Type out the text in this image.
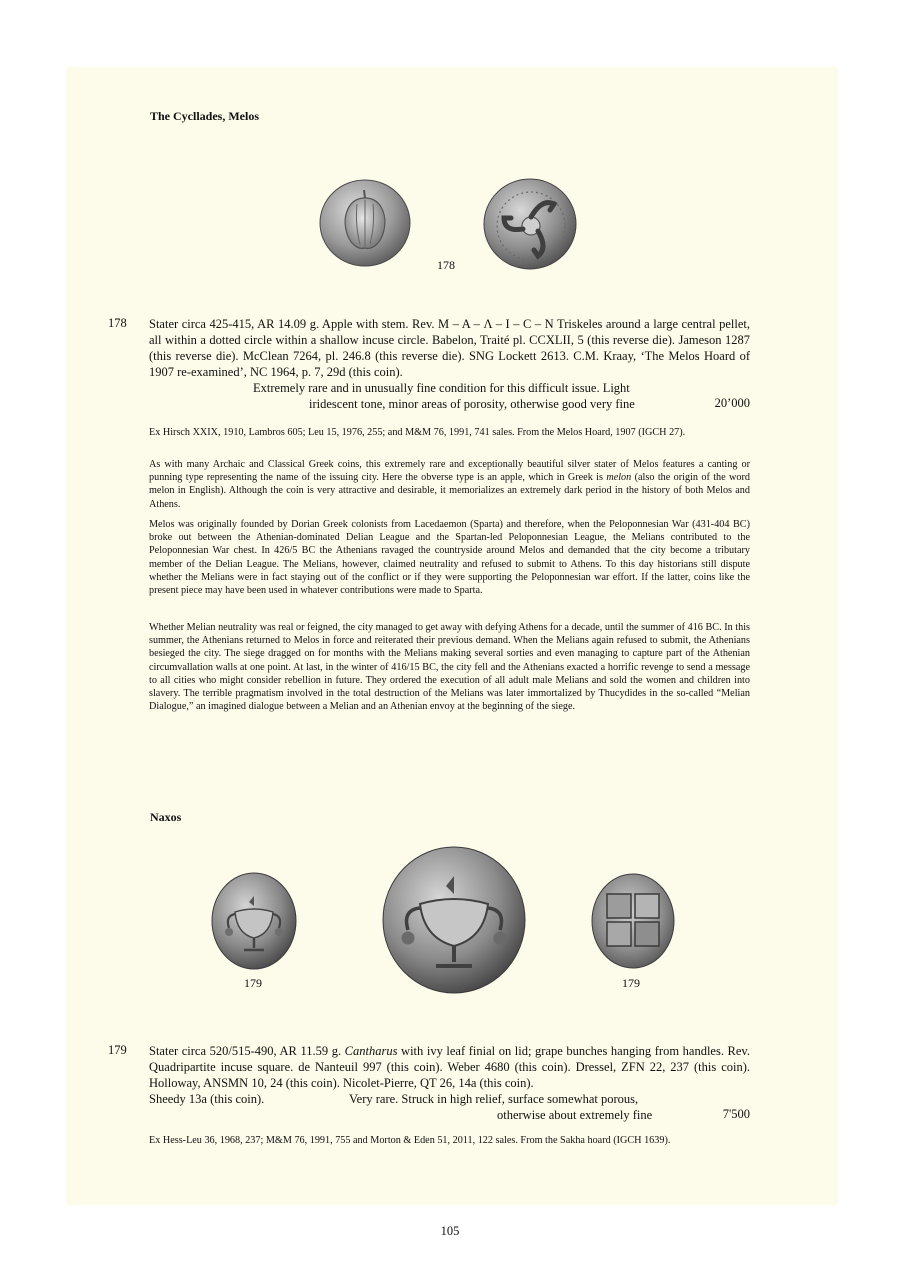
The Cycllades, Melos
178
178 Stater circa 425-415, AR 14.09 g. Apple with stem. Rev. M – A – Λ – I – C – N Triskeles around a large central pellet, all within a dotted circle within a shallow incuse circle. Babelon, Traité pl. CCXLII, 5 (this reverse die). Jameson 1287 (this reverse die). McClean 7264, pl. 246.8 (this reverse die). SNG Lockett 2613. C.M. Kraay, ‘The Melos Hoard of 1907 re-examined’, NC 1964, p. 7, 29d (this coin).
Extremely rare and in unusually fine condition for this difficult issue. Light
iridescent tone, minor areas of porosity, otherwise good very fine	20’000
Ex Hirsch XXIX, 1910, Lambros 605; Leu 15, 1976, 255; and M&M 76, 1991, 741 sales. From the Melos Hoard, 1907 (IGCH 27).
As with many Archaic and Classical Greek coins, this extremely rare and exceptionally beautiful silver stater of Melos features a canting or punning type representing the name of the issuing city. Here the obverse type is an apple, which in Greek is melon (also the origin of the word melon in English). Although the coin is very attractive and desirable, it memorializes an extremely dark period in the history of both Melos and Athens.
Melos was originally founded by Dorian Greek colonists from Lacedaemon (Sparta) and therefore, when the Peloponnesian War (431-404 BC) broke out between the Athenian-dominated Delian League and the Spartan-led Peloponnesian League, the Melians contributed to the Peloponnesian War chest. In 426/5 BC the Athenians ravaged the countryside around Melos and demanded that the city become a tributary member of the Delian League. The Melians, however, claimed neutrality and refused to submit to Athens. To this day historians still dispute whether the Melians were in fact staying out of the conflict or if they were supporting the Peloponnesian war effort. If the latter, coins like the present piece may have been used in whatever contributions were made to Sparta.
Whether Melian neutrality was real or feigned, the city managed to get away with defying Athens for a decade, until the summer of 416 BC. In this summer, the Athenians returned to Melos in force and reiterated their previous demand. When the Melians again refused to submit, the Athenians besieged the city. The siege dragged on for months with the Melians making several sorties and even managing to capture part of the Athenian circumvallation walls at one point. At last, in the winter of 416/15 BC, the city fell and the Athenians exacted a horrific revenge to send a message to all cities who might consider rebellion in future. They ordered the execution of all adult male Melians and sold the women and children into slavery. The terrible pragmatism involved in the total destruction of the Melians was later immortalized by Thucydides in the so-called “Melian Dialogue,” an imagined dialogue between a Melian and an Athenian envoy at the beginning of the siege.
Naxos
179	179
179 Stater circa 520/515-490, AR 11.59 g. Cantharus with ivy leaf finial on lid; grape bunches hanging from handles. Rev. Quadripartite incuse square. de Nanteuil 997 (this coin). Weber 4680 (this coin). Dressel, ZFN 22, 237 (this coin). Holloway, ANSMN 10, 24 (this coin). Nicolet-Pierre, QT 26, 14a (this coin).
Sheedy 13a (this coin).	Very rare. Struck in high relief, surface somewhat porous,
otherwise about extremely fine	7'500
Ex Hess-Leu 36, 1968, 237; M&M 76, 1991, 755 and Morton & Eden 51, 2011, 122 sales. From the Sakha hoard (IGCH 1639).
105
